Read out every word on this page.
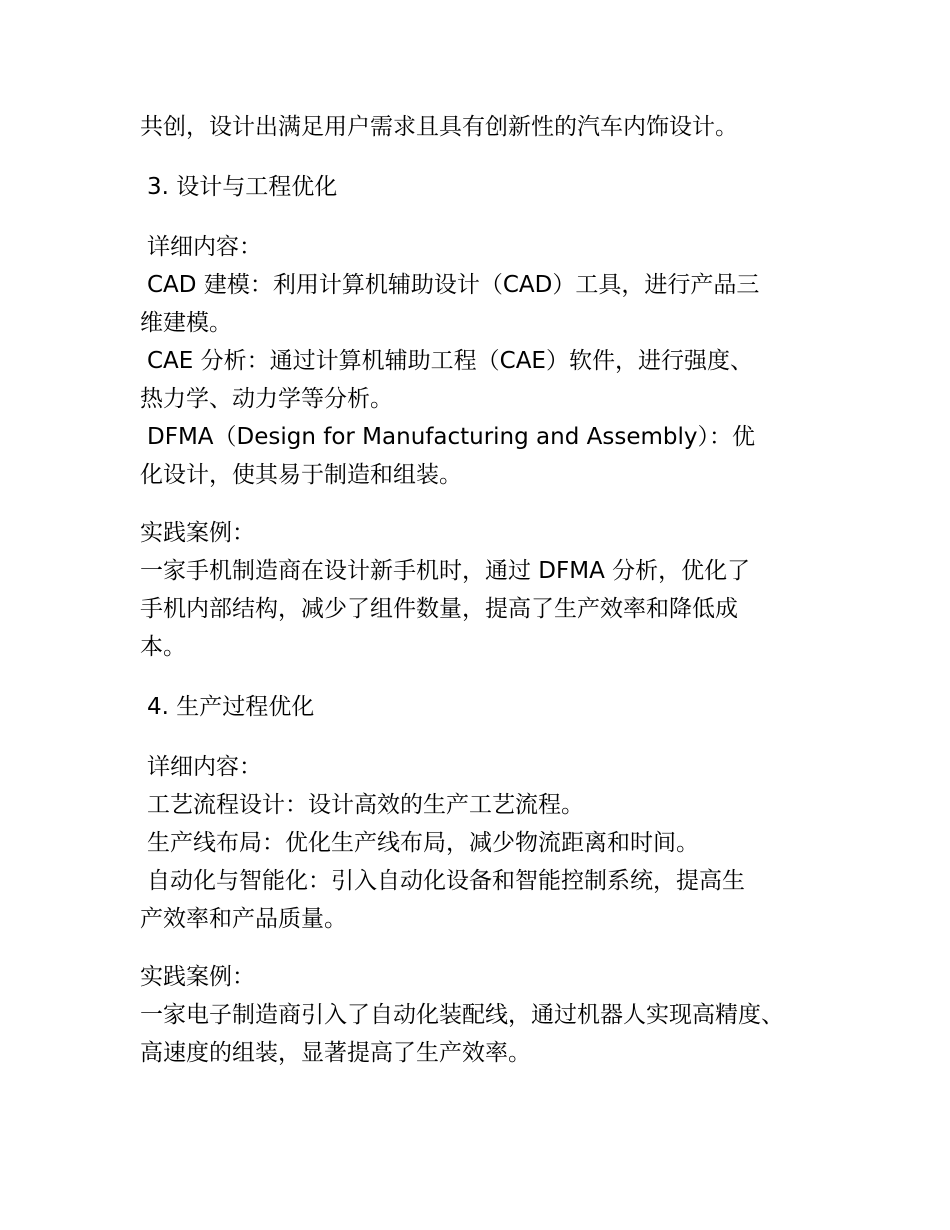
共创，设计出满足用户需求且具有创新性的汽车内饰设计。
3. 设计与工程优化
详细内容：
CAD 建模：利用计算机辅助设计（CAD）工具，进行产品三
维建模。
CAE 分析：通过计算机辅助工程（CAE）软件，进行强度、
热力学、动力学等分析。
DFMA（Design for Manufacturing and Assembly）：优
化设计，使其易于制造和组装。
实践案例：
一家手机制造商在设计新手机时，通过 DFMA 分析，优化了
手机内部结构，减少了组件数量，提高了生产效率和降低成
本。
4. 生产过程优化
详细内容：
工艺流程设计：设计高效的生产工艺流程。
生产线布局：优化生产线布局，减少物流距离和时间。
自动化与智能化：引入自动化设备和智能控制系统，提高生
产效率和产品质量。
实践案例：
一家电子制造商引入了自动化装配线，通过机器人实现高精度、
高速度的组装，显著提高了生产效率。
